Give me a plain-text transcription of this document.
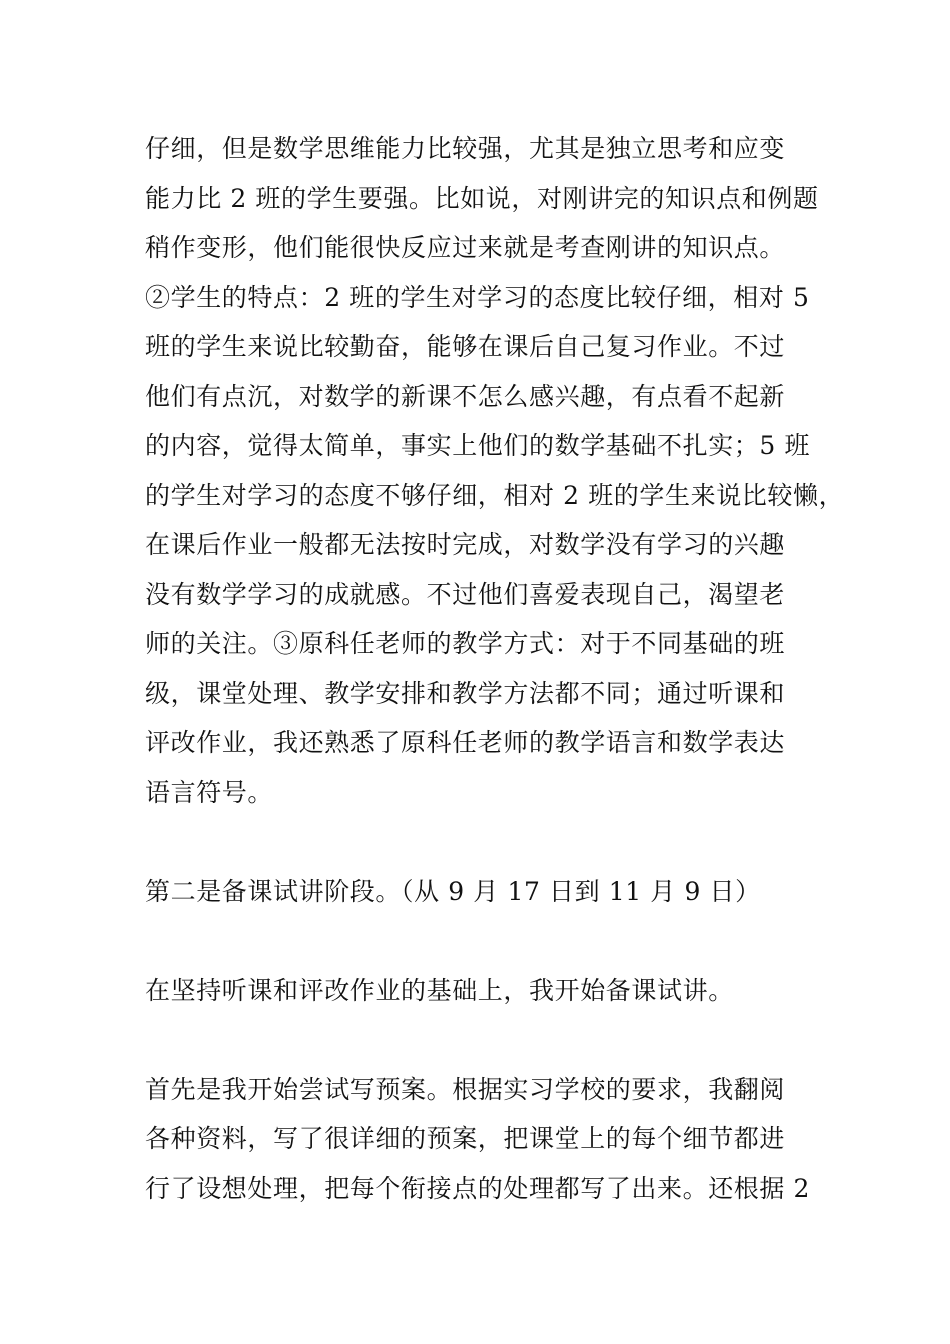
仔细，但是数学思维能力比较强，尤其是独立思考和应变
能力比 2 班的学生要强。比如说，对刚讲完的知识点和例题
稍作变形，他们能很快反应过来就是考查刚讲的知识点。
②学生的特点：2 班的学生对学习的态度比较仔细，相对 5
班的学生来说比较勤奋，能够在课后自己复习作业。不过
他们有点沉，对数学的新课不怎么感兴趣，有点看不起新
的内容，觉得太简单，事实上他们的数学基础不扎实；5 班
的学生对学习的态度不够仔细，相对 2 班的学生来说比较懒，
在课后作业一般都无法按时完成，对数学没有学习的兴趣
没有数学学习的成就感。不过他们喜爱表现自己，渴望老
师的关注。③原科任老师的教学方式：对于不同基础的班
级，课堂处理、教学安排和教学方法都不同；通过听课和
评改作业，我还熟悉了原科任老师的教学语言和数学表达
语言符号。
第二是备课试讲阶段。（从 9 月 17 日到 11 月 9 日）
在坚持听课和评改作业的基础上，我开始备课试讲。
首先是我开始尝试写预案。根据实习学校的要求，我翻阅
各种资料，写了很详细的预案，把课堂上的每个细节都进
行了设想处理，把每个衔接点的处理都写了出来。还根据 2
